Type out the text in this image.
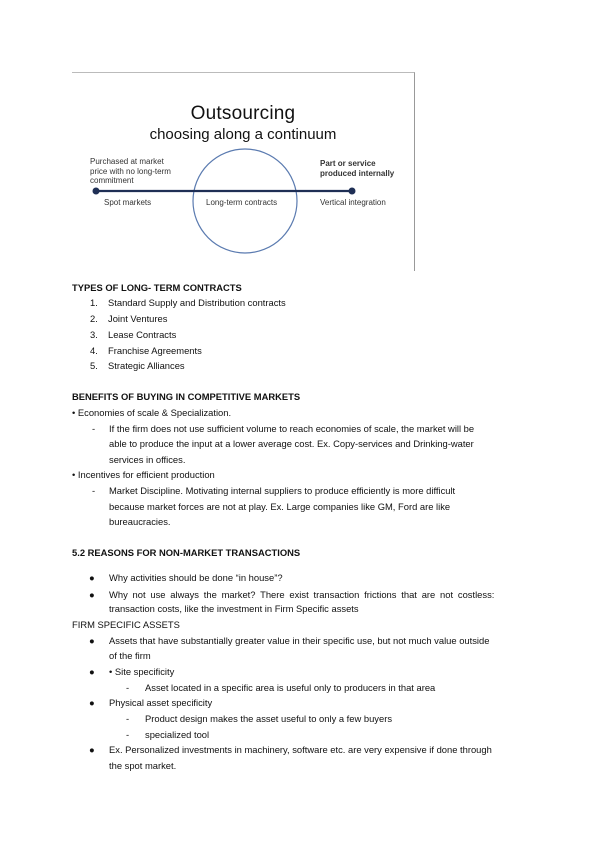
Outsourcing
choosing along a continuum
Purchased at market price with no long-term commitment
Part or service produced internally
Spot markets	Long-term contracts	Vertical integration
TYPES OF LONG- TERM CONTRACTS
1. Standard Supply and Distribution contracts
2. Joint Ventures
3. Lease Contracts
4. Franchise Agreements
5. Strategic Alliances
BENEFITS OF BUYING IN COMPETITIVE MARKETS
• Economies of scale & Specialization.
- If the firm does not use sufficient volume to reach economies of scale, the market will be
able to produce the input at a lower average cost. Ex. Copy-services and Drinking-water
services in offices.
• Incentives for efficient production
- Market Discipline. Motivating internal suppliers to produce efficiently is more difficult
because market forces are not at play. Ex. Large companies like GM, Ford are like
bureaucracies.
5.2 REASONS FOR NON-MARKET TRANSACTIONS
● Why activities should be done “in house”?
● Why not use always the market? There exist transaction frictions that are not costless:
transaction costs, like the investment in Firm Specific assets
FIRM SPECIFIC ASSETS
● Assets that have substantially greater value in their specific use, but not much value outside
of the firm
● • Site specificity
- Asset located in a specific area is useful only to producers in that area
● Physical asset specificity
- Product design makes the asset useful to only a few buyers
- specialized tool
● Ex. Personalized investments in machinery, software etc. are very expensive if done through
the spot market.
